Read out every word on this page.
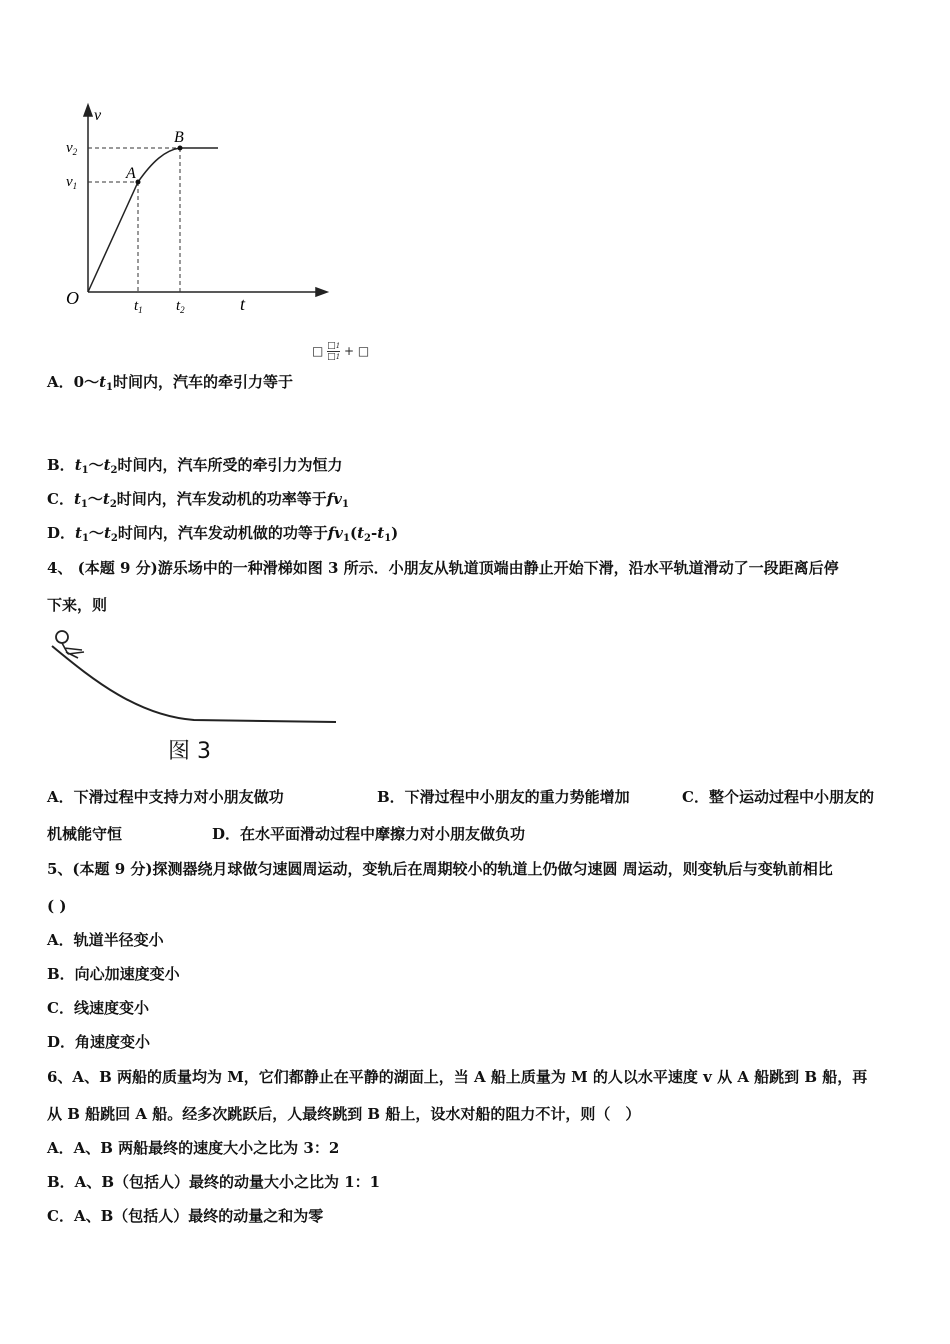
v
t
O
$v_2$
$v_1$
$t_1$ $t_2$
A
B
□ $\frac{□1}{□1}$ + □
A．$0\sim t_1$时间内，汽车的牵引力等于
B．$t_1\sim t_2$时间内，汽车所受的牵引力为恒力
C．$t_1\sim t_2$时间内，汽车发动机的功率等于$fv_1$
D．$t_1\sim t_2$时间内，汽车发动机做的功等于$fv_1(t_2-t_1)$
4、 (本题 9 分)游乐场中的一种滑梯如图 3 所示．小朋友从轨道顶端由静止开始下滑，沿水平轨道滑动了一段距离后停
下来，则
图 3
A．下滑过程中支持力对小朋友做功	B．下滑过程中小朋友的重力势能增加	C．整个运动过程中小朋友的
机械能守恒	D．在水平面滑动过程中摩擦力对小朋友做负功
5、(本题 9 分)探测器绕月球做匀速圆周运动，变轨后在周期较小的轨道上仍做匀速圆 周运动，则变轨后与变轨前相比
( )
A．轨道半径变小
B．向心加速度变小
C．线速度变小
D．角速度变小
6、A、B 两船的质量均为 M，它们都静止在平静的湖面上，当 A 船上质量为 M 的人以水平速度 v 从 A 船跳到 B 船，再
从 B 船跳回 A 船。经多次跳跃后，人最终跳到 B 船上，设水对船的阻力不计，则（　）
A．A、B 两船最终的速度大小之比为 3：2
B．A、B（包括人）最终的动量大小之比为 1：1
C．A、B（包括人）最终的动量之和为零
